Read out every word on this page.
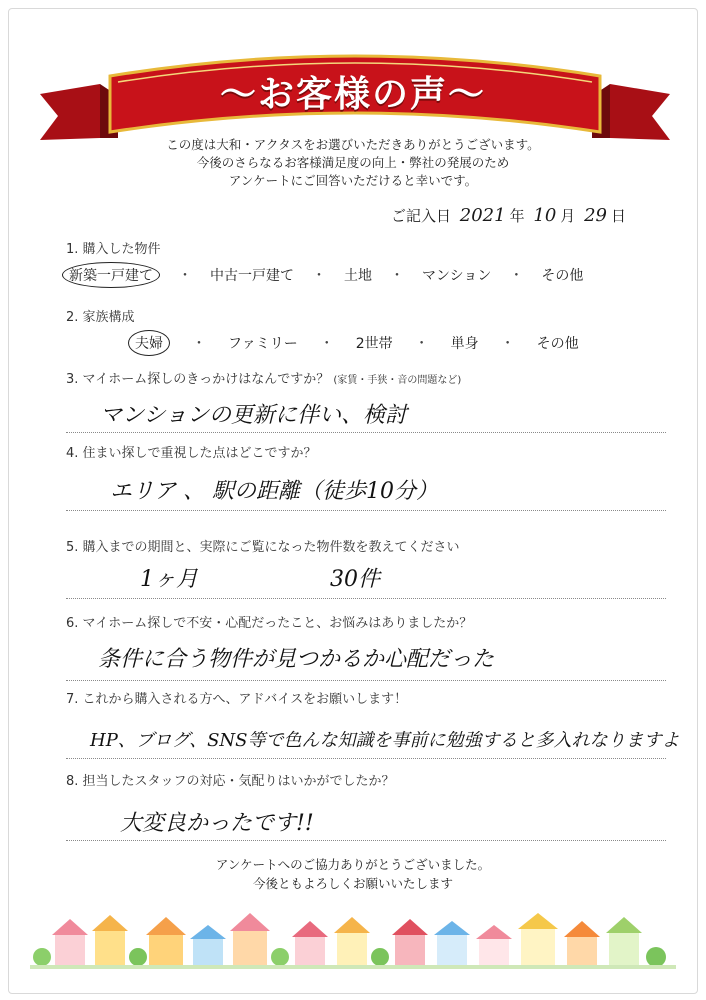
〜お客様の声〜
この度は大和・アクタスをお選びいただきありがとうございます。
今後のさらなるお客様満足度の向上・弊社の発展のため
アンケートにご回答いただけると幸いです。
ご記入日 2021 年 10 月 29 日
1. 購入した物件
新築一戸建て	・ 中古一戸建て ・ 土地 ・ マンション ・ その他
2. 家族構成
夫婦	・ ファミリー ・ 2世帯 ・ 単身 ・ その他
3. マイホーム探しのきっかけはなんですか？ (家賃・手狭・音の問題など)
マンションの更新に伴い、検討
4. 住まい探しで重視した点はどこですか？
エリア 、 駅の距離（徒歩10分）
5. 購入までの期間と、実際にご覧になった物件数を教えてください
1ヶ月	30件
6. マイホーム探しで不安・心配だったこと、お悩みはありましたか？
条件に合う物件が見つかるか心配だった
7. これから購入される方へ、アドバイスをお願いします！
HP、ブログ、SNS等で色んな知識を事前に勉強すると多入れなりますよ
8. 担当したスタッフの対応・気配りはいかがでしたか？
大変良かったです!!
アンケートへのご協力ありがとうございました。
今後ともよろしくお願いいたします
